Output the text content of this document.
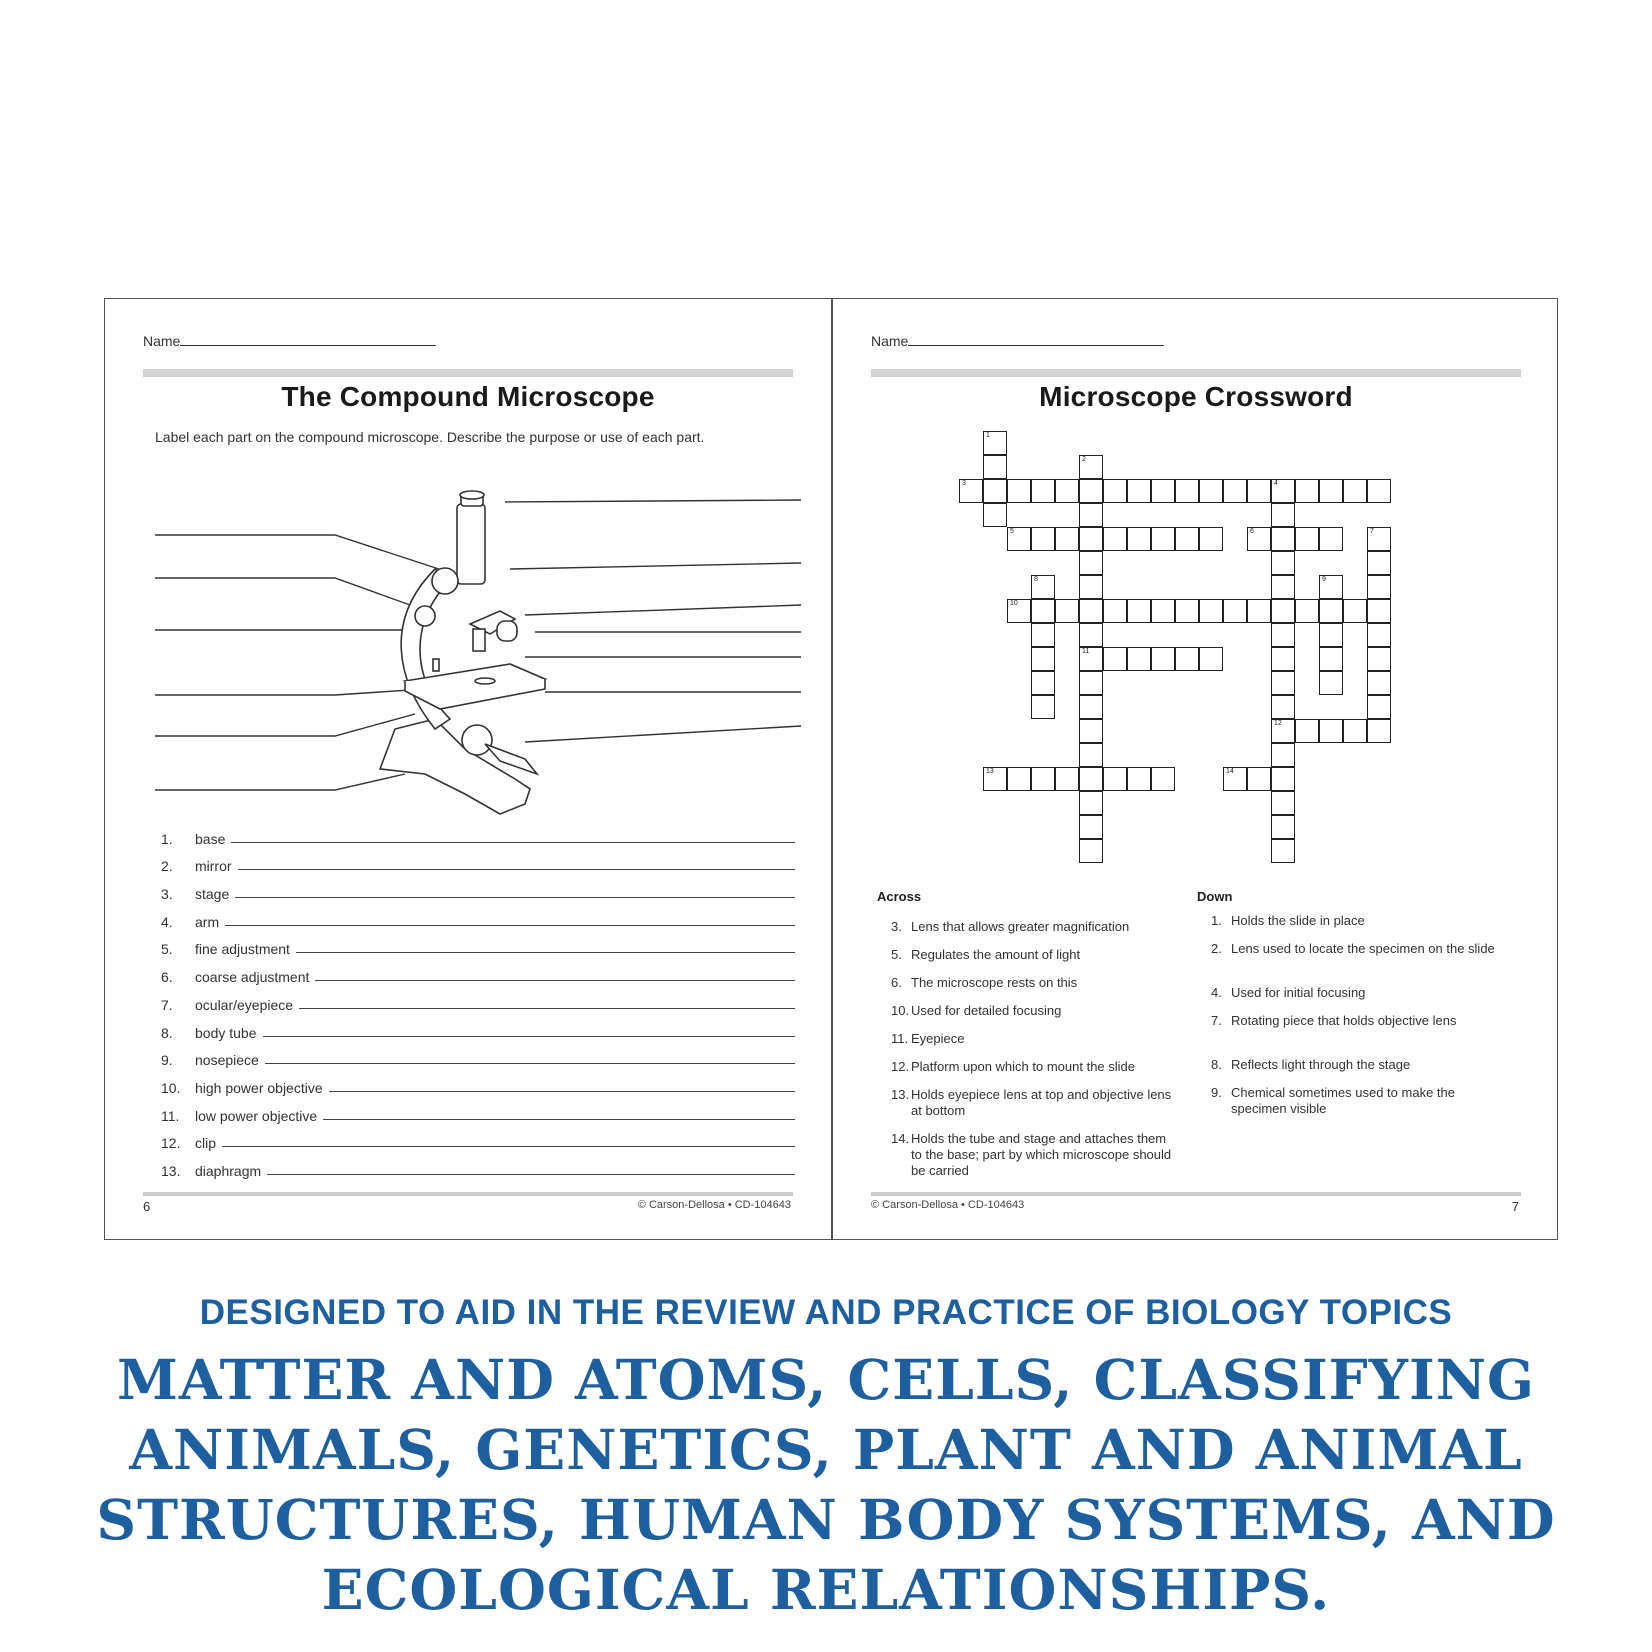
Name
The Compound Microscope
Label each part on the compound microscope. Describe the purpose or use of each part.
1.	base
2.	mirror
3.	stage
4.	arm
5.	fine adjustment
6.	coarse adjustment
7.	ocular/eyepiece
8.	body tube
9.	nosepiece
10.	high power objective
11.	low power objective
12.	clip
13.	diaphragm
6	© Carson-Dellosa • CD-104643
Name
Microscope Crossword
1
2
11
3	4
12
5	6	7
8	9
10
13	14
Across	Down
3. Lens that allows greater magnification
5. Regulates the amount of light
6. The microscope rests on this
10. Used for detailed focusing
11. Eyepiece
12. Platform upon which to mount the slide
13. Holds eyepiece lens at top and objective lens at bottom
14. Holds the tube and stage and attaches them to the base; part by which microscope should be carried
1. Holds the slide in place
2. Lens used to locate the specimen on the slide
4. Used for initial focusing
7. Rotating piece that holds objective lens
8. Reflects light through the stage
9. Chemical sometimes used to make the specimen visible
© Carson-Dellosa • CD-104643	7
DESIGNED TO AID IN THE REVIEW AND PRACTICE OF BIOLOGY TOPICS
MATTER AND ATOMS, CELLS, CLASSIFYING ANIMALS, GENETICS, PLANT AND ANIMAL STRUCTURES, HUMAN BODY SYSTEMS, AND ECOLOGICAL RELATIONSHIPS.
